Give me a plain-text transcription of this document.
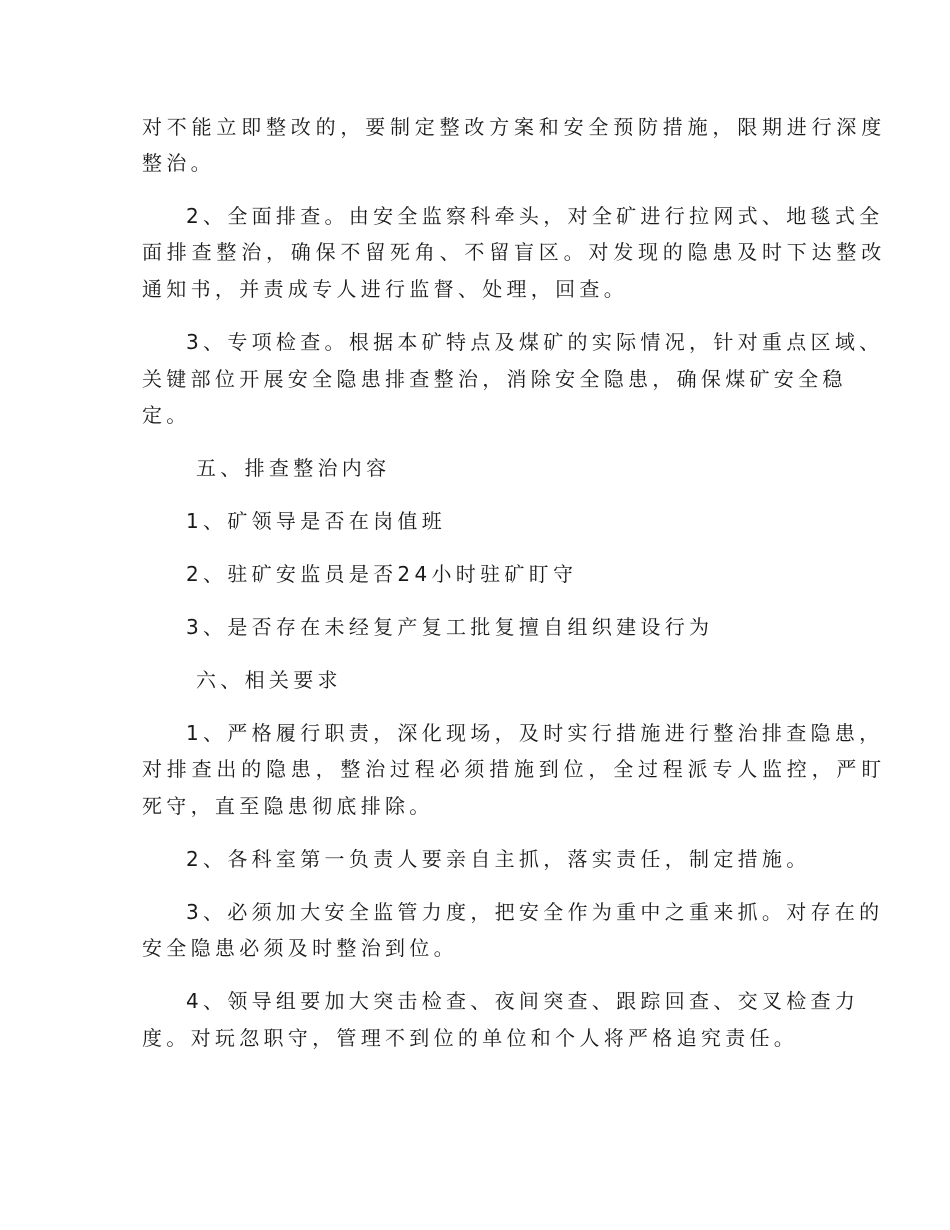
对不能立即整改的，要制定整改方案和安全预防措施，限期进行深度
整治。
2、全面排查。由安全监察科牵头，对全矿进行拉网式、地毯式全
面排查整治，确保不留死角、不留盲区。对发现的隐患及时下达整改
通知书，并责成专人进行监督、处理，回查。
3、专项检查。根据本矿特点及煤矿的实际情况，针对重点区域、
关键部位开展安全隐患排查整治，消除安全隐患，确保煤矿安全稳
定。
五、排查整治内容
1、矿领导是否在岗值班
2、驻矿安监员是否24小时驻矿盯守
3、是否存在未经复产复工批复擅自组织建设行为
六、相关要求
1、严格履行职责，深化现场，及时实行措施进行整治排查隐患，
对排查出的隐患，整治过程必须措施到位，全过程派专人监控，严盯
死守，直至隐患彻底排除。
2、各科室第一负责人要亲自主抓，落实责任，制定措施。
3、必须加大安全监管力度，把安全作为重中之重来抓。对存在的
安全隐患必须及时整治到位。
4、领导组要加大突击检查、夜间突查、跟踪回查、交叉检查力
度。对玩忽职守，管理不到位的单位和个人将严格追究责任。
